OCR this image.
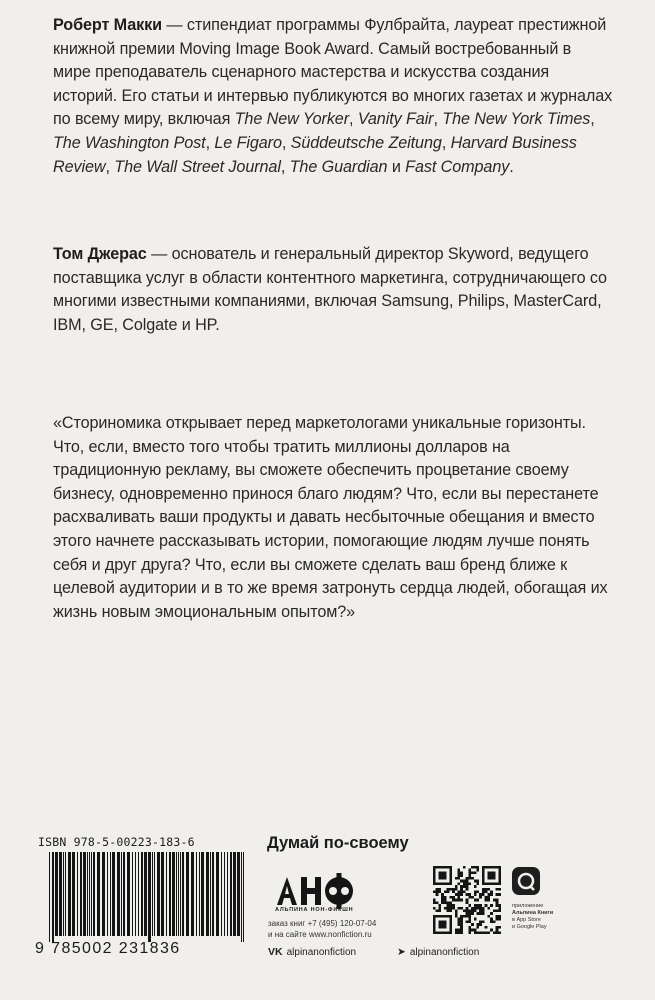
Роберт Макки — стипендиат программы Фулбрайта, лауреат престижной книжной премии Moving Image Book Award. Самый востребованный в мире преподаватель сценарного мастерства и искусства создания историй. Его статьи и интервью публикуются во многих газетах и журналах по всему миру, включая The New Yorker, Vanity Fair, The New York Times, The Washington Post, Le Figaro, Süddeutsche Zeitung, Harvard Business Review, The Wall Street Journal, The Guardian и Fast Company.

Том Джерас — основатель и генеральный директор Skyword, ведущего поставщика услуг в области контентного маркетинга, сотрудничающего со многими известными компаниями, включая Samsung, Philips, MasterCard, IBM, GE, Colgate и HP.

«Сторинoмика открывает перед маркетологами уникальные горизонты. Что, если, вместо того чтобы тратить миллионы долларов на традиционную рекламу, вы сможете обеспечить процветание своему бизнесу, одновременно принося благо людям? Что, если вы перестанете расхваливать ваши продукты и давать несбыточные обещания и вместо этого начнете рассказывать истории, помогающие людям лучше понять себя и друг друга? Что, если вы сможете сделать ваш бренд ближе к целевой аудитории и в то же время затронуть сердца людей, обогащая их жизнь новым эмоциональным опытом?»
ISBN 978-5-00223-183-6
9 785002 231836
Думай по-своему
АЛЬПИНА НОН-ФИКШН
заказ книг +7 (495) 120-07-04
и на сайте www.nonfiction.ru
приложение
Альпина Книги
в App Store
и Google Play
VK alpinanonfiction	➤ alpinanonfiction
